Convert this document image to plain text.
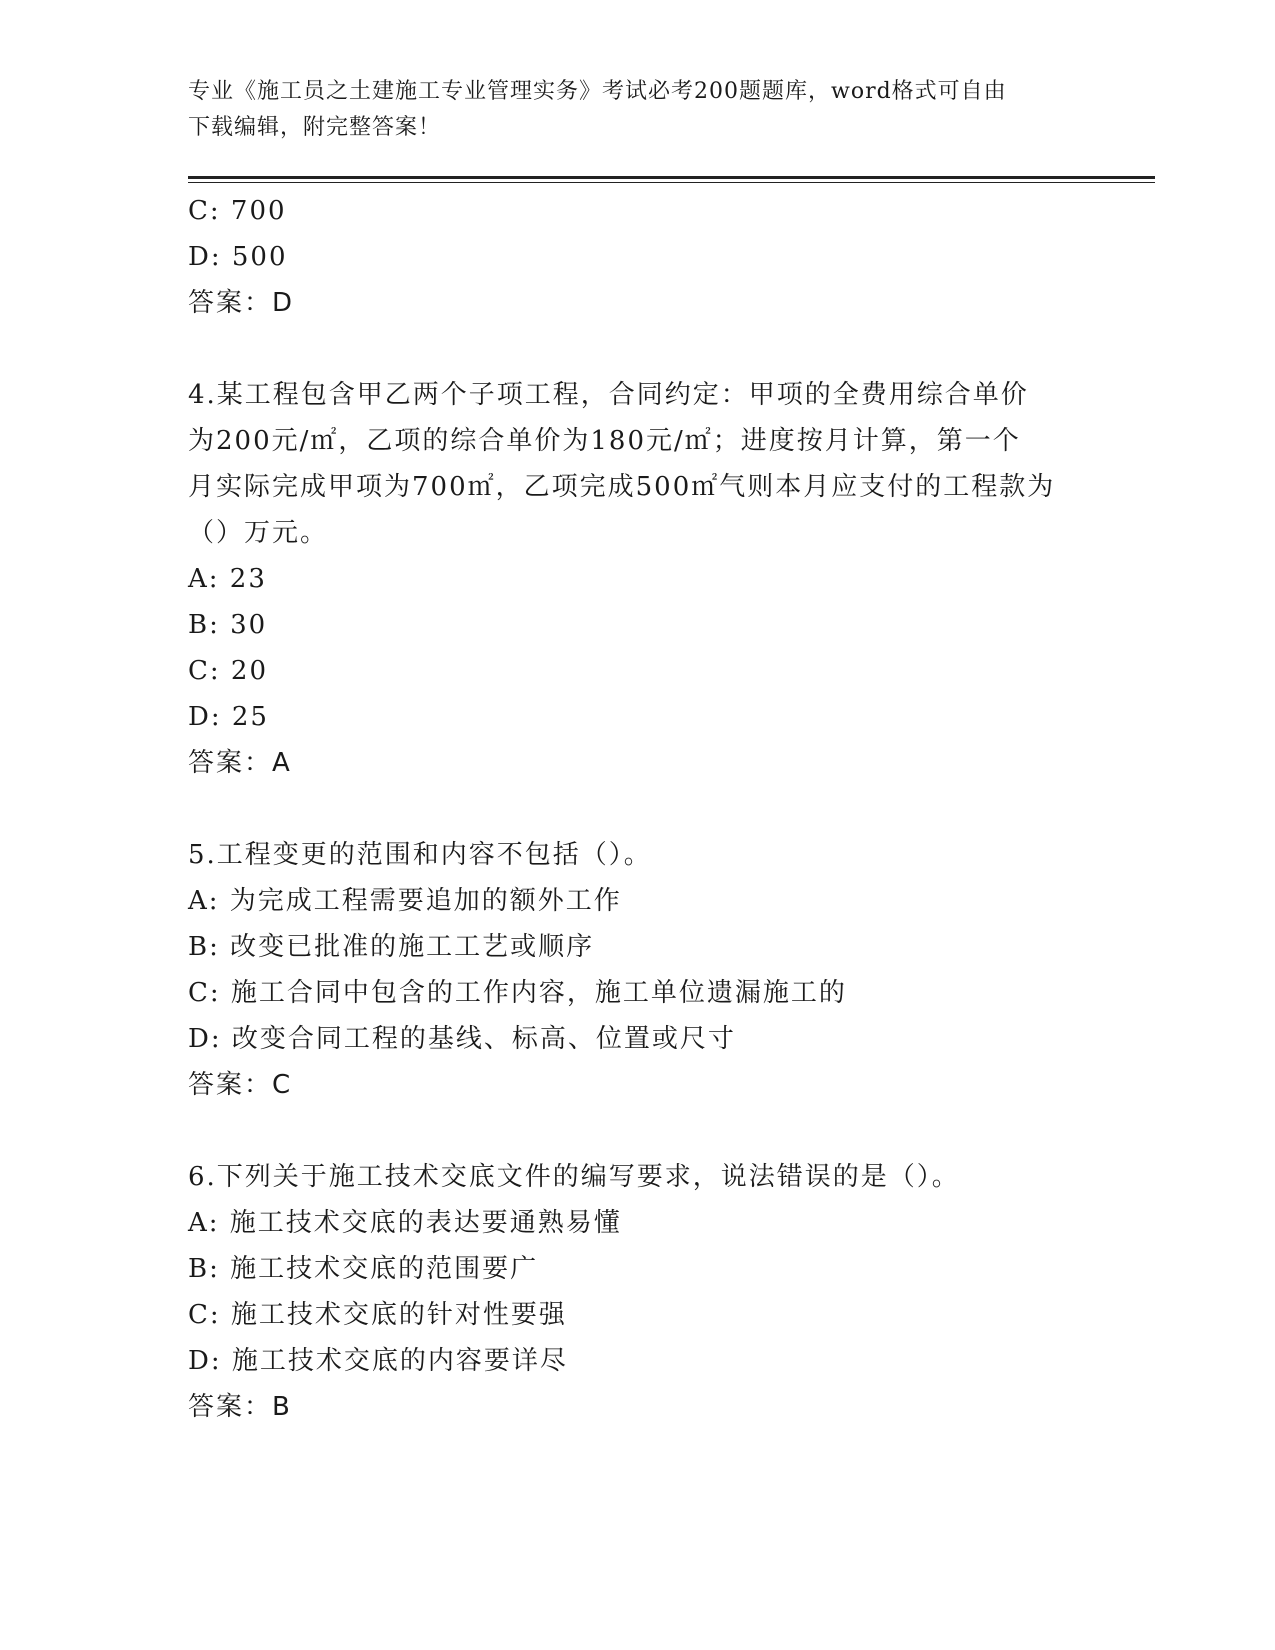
专业《施工员之土建施工专业管理实务》考试必考200题题库，word格式可自由
下载编辑，附完整答案！
C: 700
D: 500
答案：D
4.某工程包含甲乙两个子项工程，合同约定：甲项的全费用综合单价
为200元/㎡，乙项的综合单价为180元/㎡；进度按月计算，第一个
月实际完成甲项为700㎡，乙项完成500㎡气则本月应支付的工程款为
（）万元。
A: 23
B: 30
C: 20
D: 25
答案：A
5.工程变更的范围和内容不包括（）。
A: 为完成工程需要追加的额外工作
B: 改变已批准的施工工艺或顺序
C: 施工合同中包含的工作内容，施工单位遗漏施工的
D: 改变合同工程的基线、标高、位置或尺寸
答案：C
6.下列关于施工技术交底文件的编写要求，说法错误的是（）。
A: 施工技术交底的表达要通熟易懂
B: 施工技术交底的范围要广
C: 施工技术交底的针对性要强
D: 施工技术交底的内容要详尽
答案：B
